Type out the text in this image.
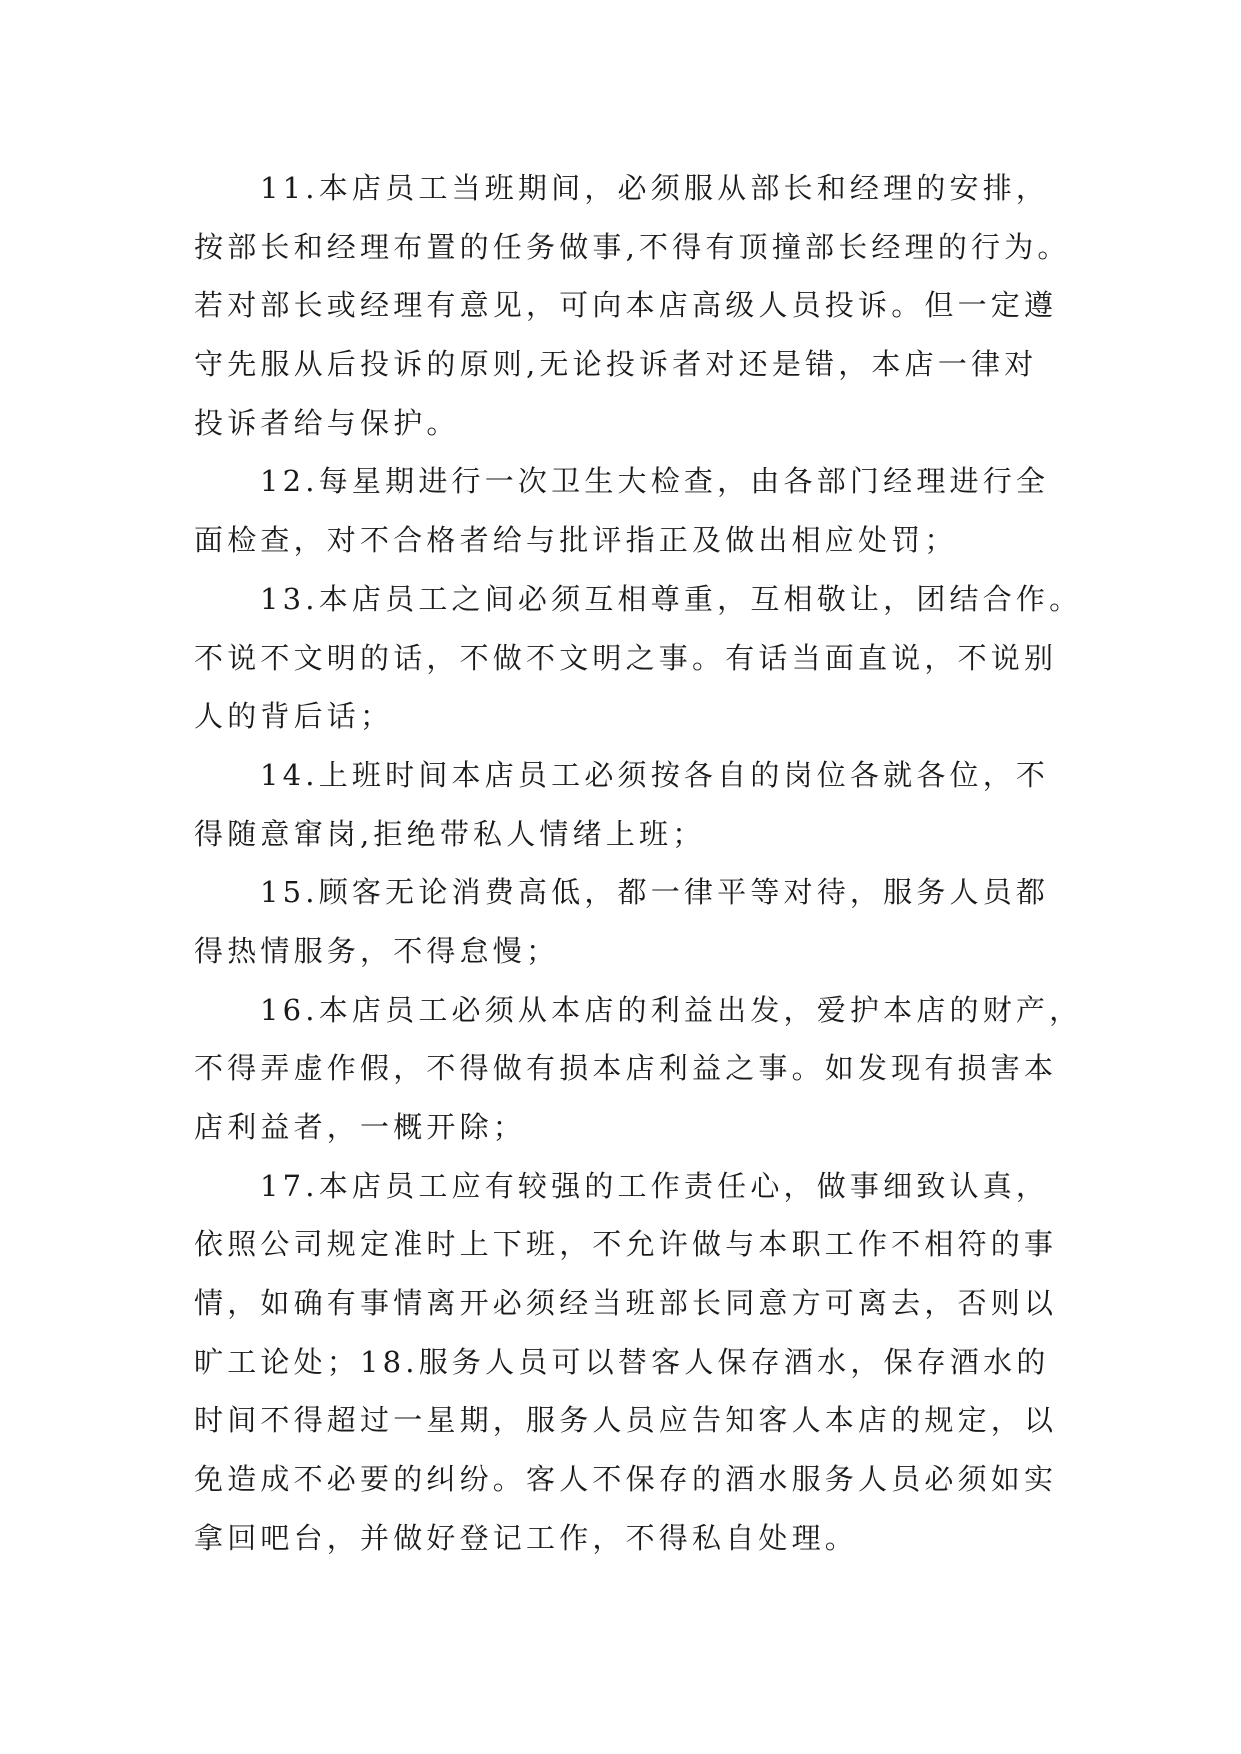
11.本店员工当班期间，必须服从部长和经理的安排，
按部长和经理布置的任务做事,不得有顶撞部长经理的行为。
若对部长或经理有意见，可向本店高级人员投诉。但一定遵
守先服从后投诉的原则,无论投诉者对还是错，本店一律对
投诉者给与保护。
12.每星期进行一次卫生大检查，由各部门经理进行全
面检查，对不合格者给与批评指正及做出相应处罚；
13.本店员工之间必须互相尊重，互相敬让，团结合作。
不说不文明的话，不做不文明之事。有话当面直说，不说别
人的背后话；
14.上班时间本店员工必须按各自的岗位各就各位，不
得随意窜岗,拒绝带私人情绪上班；
15.顾客无论消费高低，都一律平等对待，服务人员都
得热情服务，不得怠慢；
16.本店员工必须从本店的利益出发，爱护本店的财产，
不得弄虚作假，不得做有损本店利益之事。如发现有损害本
店利益者，一概开除；
17.本店员工应有较强的工作责任心，做事细致认真，
依照公司规定准时上下班，不允许做与本职工作不相符的事
情，如确有事情离开必须经当班部长同意方可离去，否则以
旷工论处；18.服务人员可以替客人保存酒水，保存酒水的
时间不得超过一星期，服务人员应告知客人本店的规定，以
免造成不必要的纠纷。客人不保存的酒水服务人员必须如实
拿回吧台，并做好登记工作，不得私自处理。
